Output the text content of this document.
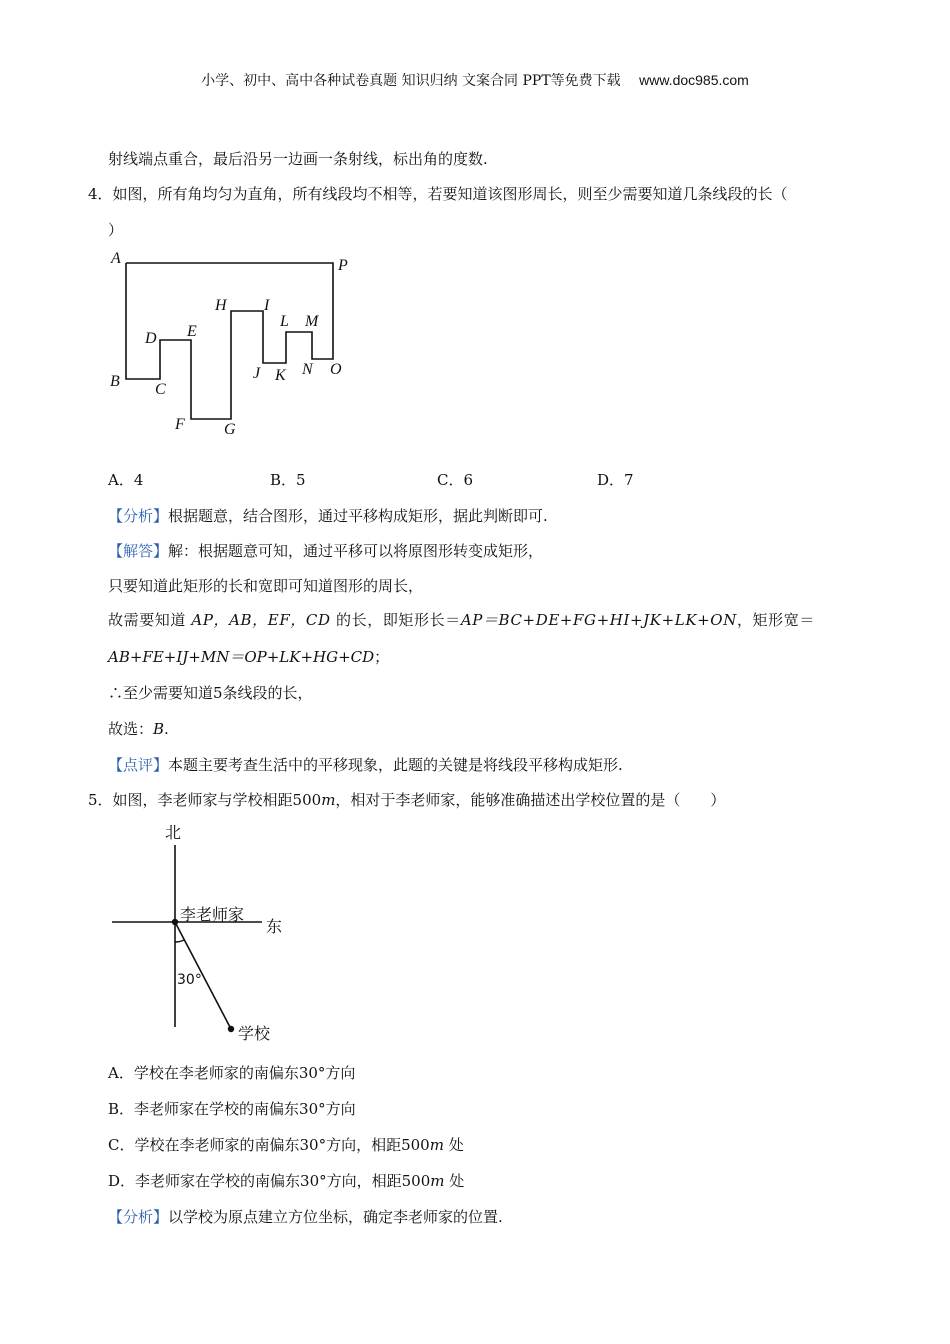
小学、初中、高中各种试卷真题 知识归纳 文案合同 PPT等免费下载 www.doc985.com
射线端点重合，最后沿另一边画一条射线，标出角的度数.
4．如图，所有角均匀为直角，所有线段均不相等，若要知道该图形周长，则至少需要知道几条线段的长（
）
A	P
B C
D E
F G
H I
J K
L M
N O
A．4	B．5	C．6	D．7
【分析】根据题意，结合图形，通过平移构成矩形，据此判断即可.
【解答】解：根据题意可知，通过平移可以将原图形转变成矩形，
只要知道此矩形的长和宽即可知道图形的周长，
故需要知道 AP，AB，EF，CD 的长，即矩形长＝AP＝BC+DE+FG+HI+JK+LK+ON，矩形宽＝
AB+FE+IJ+MN＝OP+LK+HG+CD；
∴至少需要知道5条线段的长，
故选：B.
【点评】本题主要考查生活中的平移现象，此题的关键是将线段平移构成矩形.
5．如图，李老师家与学校相距500m，相对于李老师家，能够准确描述出学校位置的是（　　）
北
东
李老师家
30°
学校
A．学校在李老师家的南偏东30°方向
B．李老师家在学校的南偏东30°方向
C．学校在李老师家的南偏东30°方向，相距500m 处
D．李老师家在学校的南偏东30°方向，相距500m 处
【分析】以学校为原点建立方位坐标，确定李老师家的位置.
